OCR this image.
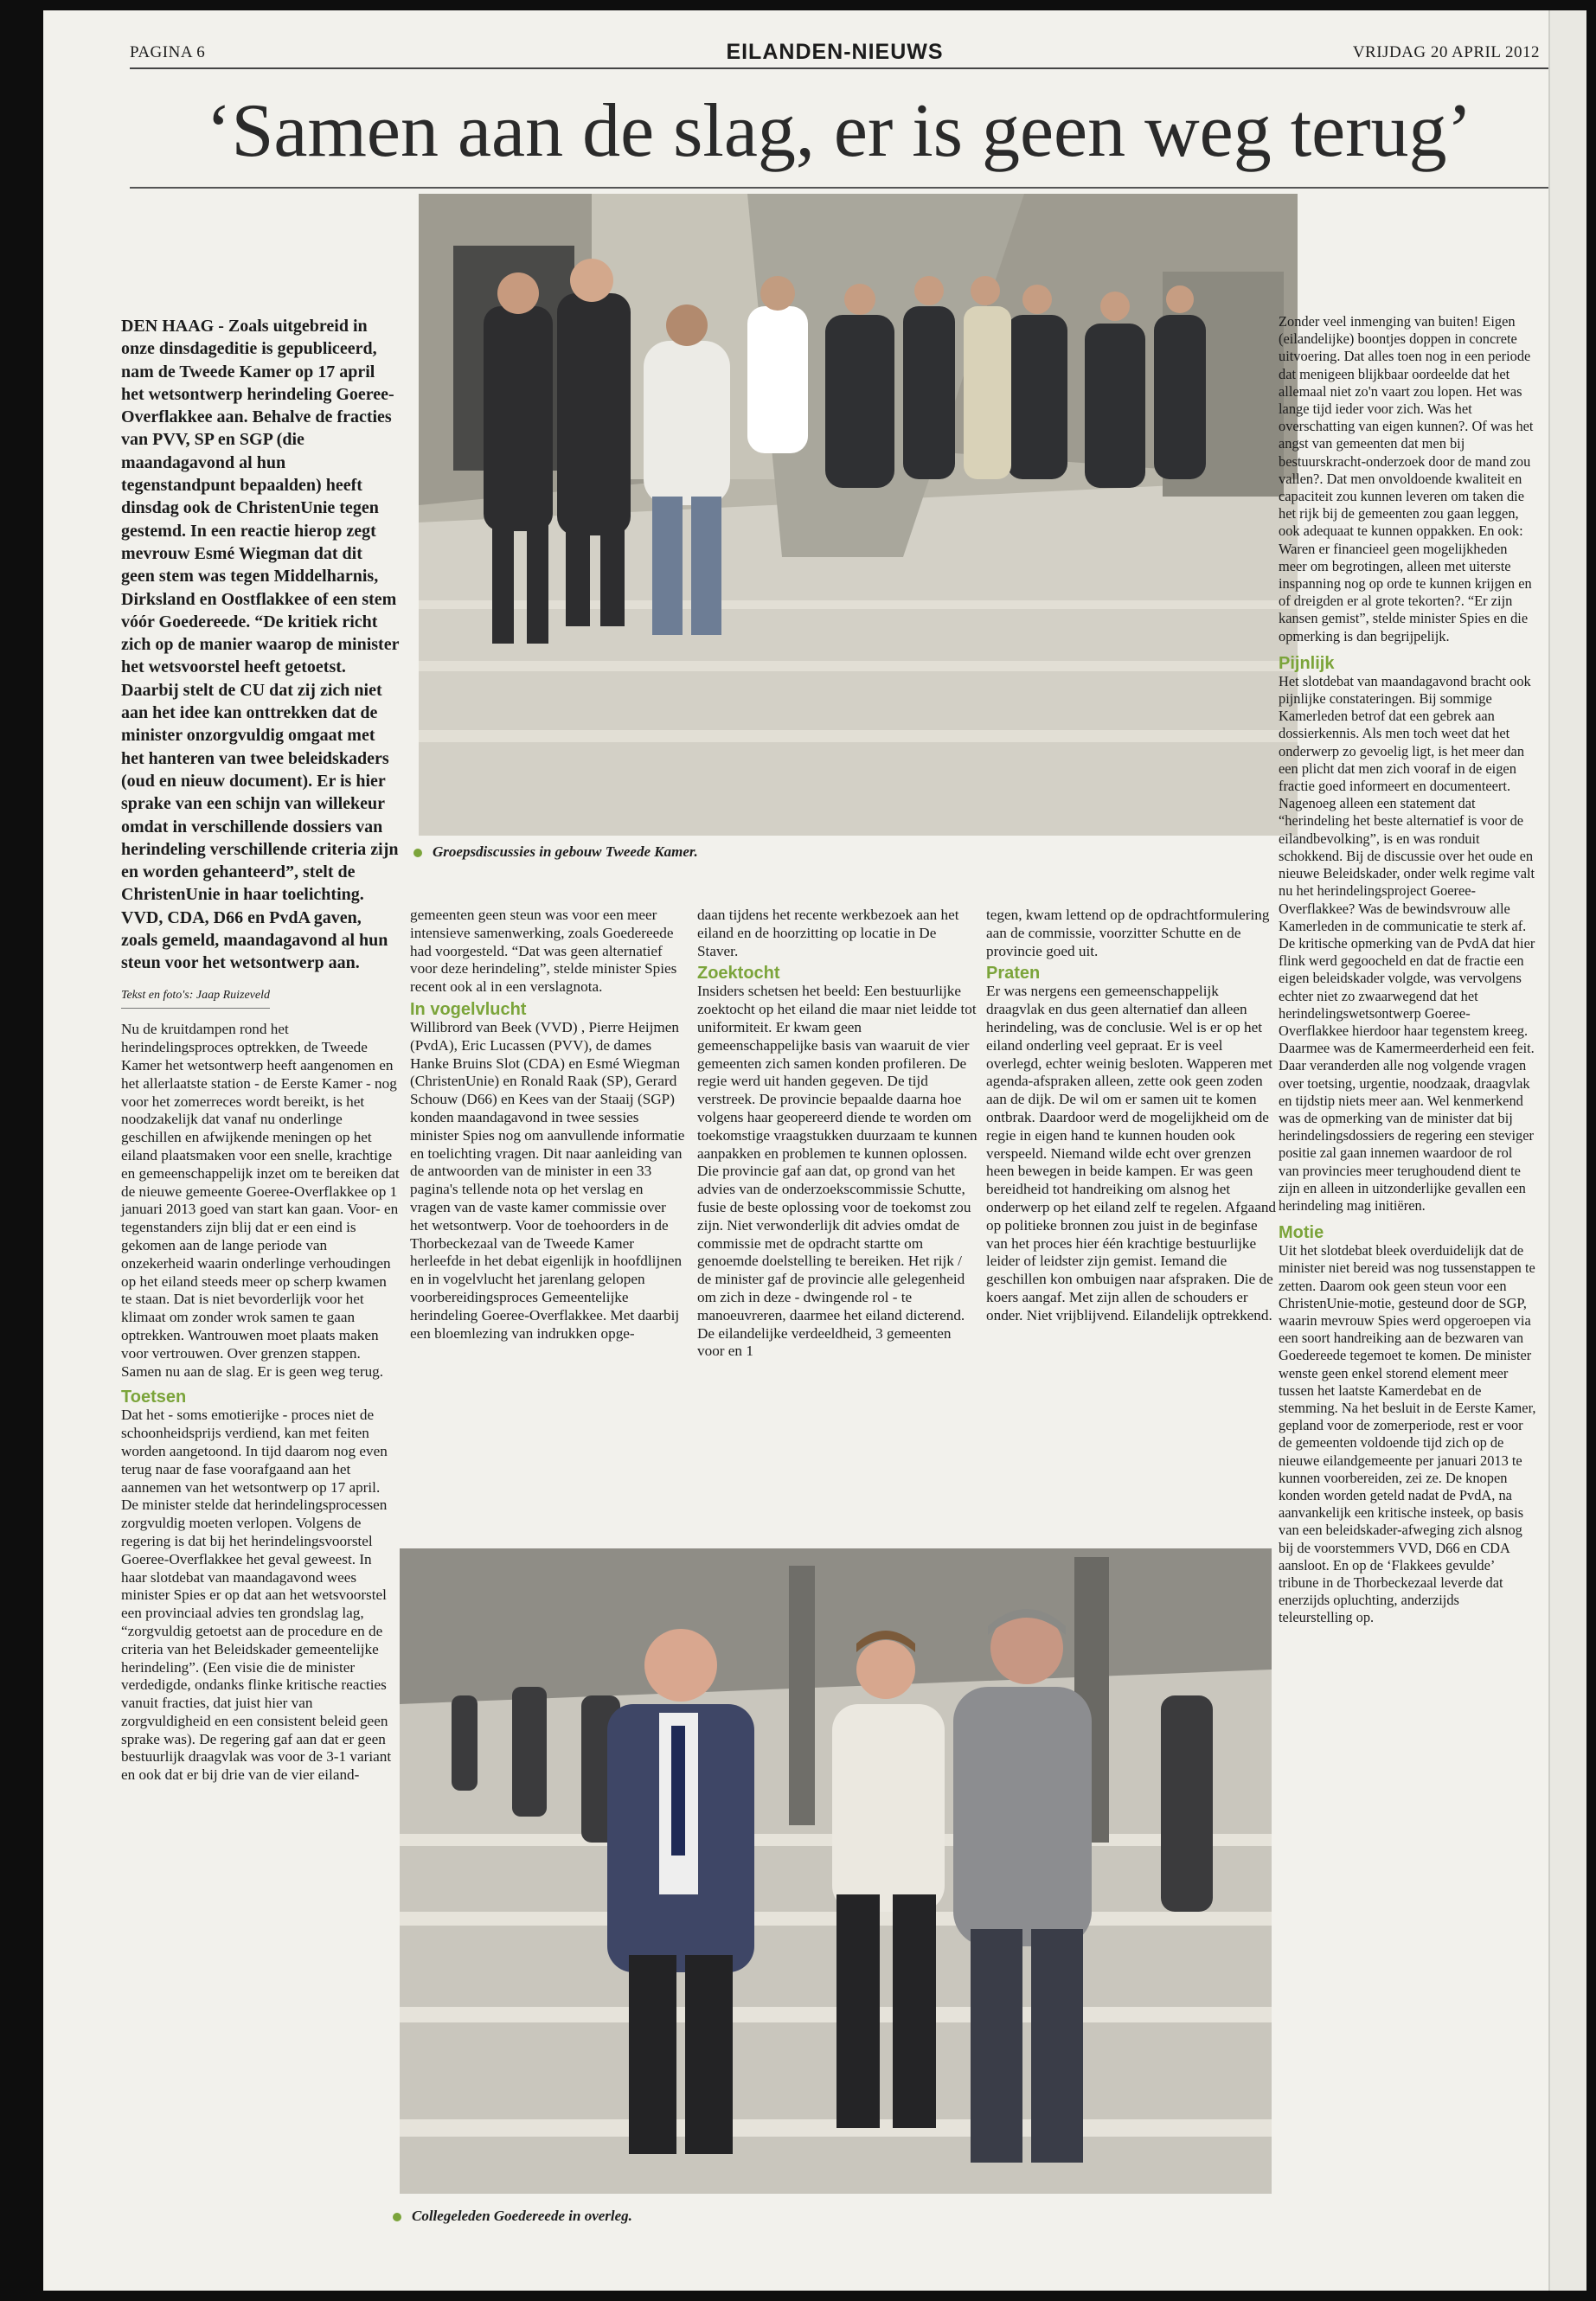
PAGINA 6	EILANDEN-NIEUWS	VRIJDAG 20 APRIL 2012
‘Samen aan de slag, er is geen weg terug’
Groepsdiscussies in gebouw Tweede Kamer.

DEN HAAG - Zoals uitgebreid in onze dinsdageditie is gepubliceerd, nam de Tweede Kamer op 17 april het wetsontwerp herindeling Goeree-Overflakkee aan. Behalve de fracties van PVV, SP en SGP (die maandagavond al hun tegenstandpunt bepaalden) heeft dinsdag ook de ChristenUnie tegen gestemd. In een reactie hierop zegt mevrouw Esmé Wiegman dat dit geen stem was tegen Middelharnis, Dirksland en Oostflakkee of een stem vóór Goedereede. “De kritiek richt zich op de manier waarop de minister het wetsvoorstel heeft getoetst. Daarbij stelt de CU dat zij zich niet aan het idee kan onttrekken dat de minister onzorgvuldig omgaat met het hanteren van twee beleidskaders (oud en nieuw document). Er is hier sprake van een schijn van willekeur omdat in verschillende dossiers van herindeling verschillende criteria zijn en worden gehanteerd”, stelt de ChristenUnie in haar toelichting. VVD, CDA, D66 en PvdA gaven, zoals gemeld, maandagavond al hun steun voor het wetsontwerp aan.

Tekst en foto's: Jaap Ruizeveld

Nu de kruitdampen rond het herindelingsproces optrekken, de Tweede Kamer het wetsontwerp heeft aangenomen en het allerlaatste station - de Eerste Kamer - nog voor het zomerreces wordt bereikt, is het noodzakelijk dat vanaf nu onderlinge geschillen en afwijkende meningen op het eiland plaatsmaken voor een snelle, krachtige en gemeenschappelijk inzet om te bereiken dat de nieuwe gemeente Goeree-Overflakkee op 1 januari 2013 goed van start kan gaan. Voor- en tegenstanders zijn blij dat er een eind is gekomen aan de lange periode van onzekerheid waarin onderlinge verhoudingen op het eiland steeds meer op scherp kwamen te staan. Dat is niet bevorderlijk voor het klimaat om zonder wrok samen te gaan optrekken. Wantrouwen moet plaats maken voor vertrouwen. Over grenzen stappen. Samen nu aan de slag. Er is geen weg terug.

Toetsen

Dat het - soms emotierijke - proces niet de schoonheidsprijs verdiend, kan met feiten worden aangetoond. In tijd daarom nog even terug naar de fase voorafgaand aan het aannemen van het wetsontwerp op 17 april. De minister stelde dat herindelingsprocessen zorgvuldig moeten verlopen. Volgens de regering is dat bij het herindelingsvoorstel Goeree-Overflakkee het geval geweest. In haar slotdebat van maandagavond wees minister Spies er op dat aan het wetsvoorstel een provinciaal advies ten grondslag lag, “zorgvuldig getoetst aan de procedure en de criteria van het Beleidskader gemeentelijke herindeling”. (Een visie die de minister verdedigde, ondanks flinke kritische reacties vanuit fracties, dat juist hier van zorgvuldigheid en een consistent beleid geen sprake was). De regering gaf aan dat er geen bestuurlijk draagvlak was voor de 3-1 variant en ook dat er bij drie van de vier eiland-

gemeenten geen steun was voor een meer intensieve samenwerking, zoals Goedereede had voorgesteld. “Dat was geen alternatief voor deze herindeling”, stelde minister Spies recent ook al in een verslagnota.

In vogelvlucht

Willibrord van Beek (VVD) , Pierre Heijmen (PvdA), Eric Lucassen (PVV), de dames Hanke Bruins Slot (CDA) en Esmé Wiegman (ChristenUnie) en Ronald Raak (SP), Gerard Schouw (D66) en Kees van der Staaij (SGP) konden maandagavond in twee sessies minister Spies nog om aanvullende informatie en toelichting vragen. Dit naar aanleiding van de antwoorden van de minister in een 33 pagina's tellende nota op het verslag en vragen van de vaste kamer commissie over het wetsontwerp. Voor de toehoorders in de Thorbeckezaal van de Tweede Kamer herleefde in het debat eigenlijk in hoofdlijnen en in vogelvlucht het jarenlang gelopen voorbereidingsproces Gemeentelijke herindeling Goeree-Overflakkee. Met daarbij een bloemlezing van indrukken opge-

daan tijdens het recente werkbezoek aan het eiland en de hoorzitting op locatie in De Staver.

Zoektocht

Insiders schetsen het beeld: Een bestuurlijke zoektocht op het eiland die maar niet leidde tot uniformiteit. Er kwam geen gemeenschappelijke basis van waaruit de vier gemeenten zich samen konden profileren. De regie werd uit handen gegeven. De tijd verstreek. De provincie bepaalde daarna hoe volgens haar geopereerd diende te worden om toekomstige vraagstukken duurzaam te kunnen aanpakken en problemen te kunnen oplossen. Die provincie gaf aan dat, op grond van het advies van de onderzoekscommissie Schutte, fusie de beste oplossing voor de toekomst zou zijn. Niet verwonderlijk dit advies omdat de commissie met de opdracht startte om genoemde doelstelling te bereiken. Het rijk / de minister gaf de provincie alle gelegenheid om zich in deze - dwingende rol - te manoeuvreren, daarmee het eiland dicterend. De eilandelijke verdeeldheid, 3 gemeenten voor en 1

tegen, kwam lettend op de opdrachtformulering aan de commissie, voorzitter Schutte en de provincie goed uit.

Praten

Er was nergens een gemeenschappelijk draagvlak en dus geen alternatief dan alleen herindeling, was de conclusie. Wel is er op het eiland onderling veel gepraat. Er is veel overlegd, echter weinig besloten. Wapperen met agenda-afspraken alleen, zette ook geen zoden aan de dijk. De wil om er samen uit te komen ontbrak. Daardoor werd de mogelijkheid om de regie in eigen hand te kunnen houden ook verspeeld. Niemand wilde echt over grenzen heen bewegen in beide kampen. Er was geen bereidheid tot handreiking om alsnog het onderwerp op het eiland zelf te regelen. Afgaand op politieke bronnen zou juist in de beginfase van het proces hier één krachtige bestuurlijke leider of leidster zijn gemist. Iemand die geschillen kon ombuigen naar afspraken. Die de koers aangaf. Met zijn allen de schouders er onder. Niet vrijblijvend. Eilandelijk optrekkend.

Zonder veel inmenging van buiten! Eigen (eilandelijke) boontjes doppen in concrete uitvoering. Dat alles toen nog in een periode dat menigeen blijkbaar oordeelde dat het allemaal niet zo'n vaart zou lopen. Het was lange tijd ieder voor zich. Was het overschatting van eigen kunnen?. Of was het angst van gemeenten dat men bij bestuurskracht-onderzoek door de mand zou vallen?. Dat men onvoldoende kwaliteit en capaciteit zou kunnen leveren om taken die het rijk bij de gemeenten zou gaan leggen, ook adequaat te kunnen oppakken. En ook: Waren er financieel geen mogelijkheden meer om begrotingen, alleen met uiterste inspanning nog op orde te kunnen krijgen en of dreigden er al grote tekorten?. “Er zijn kansen gemist”, stelde minister Spies en die opmerking is dan begrijpelijk.

Pijnlijk

Het slotdebat van maandagavond bracht ook pijnlijke constateringen. Bij sommige Kamerleden betrof dat een gebrek aan dossierkennis. Als men toch weet dat het onderwerp zo gevoelig ligt, is het meer dan een plicht dat men zich vooraf in de eigen fractie goed informeert en documenteert. Nagenoeg alleen een statement dat “herindeling het beste alternatief is voor de eilandbevolking”, is en was ronduit schokkend. Bij de discussie over het oude en nieuwe Beleidskader, onder welk regime valt nu het herindelingsproject Goeree-Overflakkee? Was de bewindsvrouw alle Kamerleden in de communicatie te sterk af. De kritische opmerking van de PvdA dat hier flink werd gegoocheld en dat de fractie een eigen beleidskader volgde, was vervolgens echter niet zo zwaarwegend dat het herindelingswetsontwerp Goeree-Overflakkee hierdoor haar tegenstem kreeg. Daarmee was de Kamermeerderheid een feit. Daar veranderden alle nog volgende vragen over toetsing, urgentie, noodzaak, draagvlak en tijdstip niets meer aan. Wel kenmerkend was de opmerking van de minister dat bij herindelingsdossiers de regering een steviger positie zal gaan innemen waardoor de rol van provincies meer terughoudend dient te zijn en alleen in uitzonderlijke gevallen een herindeling mag initiëren.

Motie

Uit het slotdebat bleek overduidelijk dat de minister niet bereid was nog tussenstappen te zetten. Daarom ook geen steun voor een ChristenUnie-motie, gesteund door de SGP, waarin mevrouw Spies werd opgeroepen via een soort handreiking aan de bezwaren van Goedereede tegemoet te komen. De minister wenste geen enkel storend element meer tussen het laatste Kamerdebat en de stemming. Na het besluit in de Eerste Kamer, gepland voor de zomerperiode, rest er voor de gemeenten voldoende tijd zich op de nieuwe eilandgemeente per januari 2013 te kunnen voorbereiden, zei ze. De knopen konden worden geteld nadat de PvdA, na aanvankelijk een kritische insteek, op basis van een beleidskader-afweging zich alsnog bij de voorstemmers VVD, D66 en CDA aansloot. En op de ‘Flakkees gevulde’ tribune in de Thorbeckezaal leverde dat enerzijds opluchting, anderzijds teleurstelling op.

Collegeleden Goedereede in overleg.
